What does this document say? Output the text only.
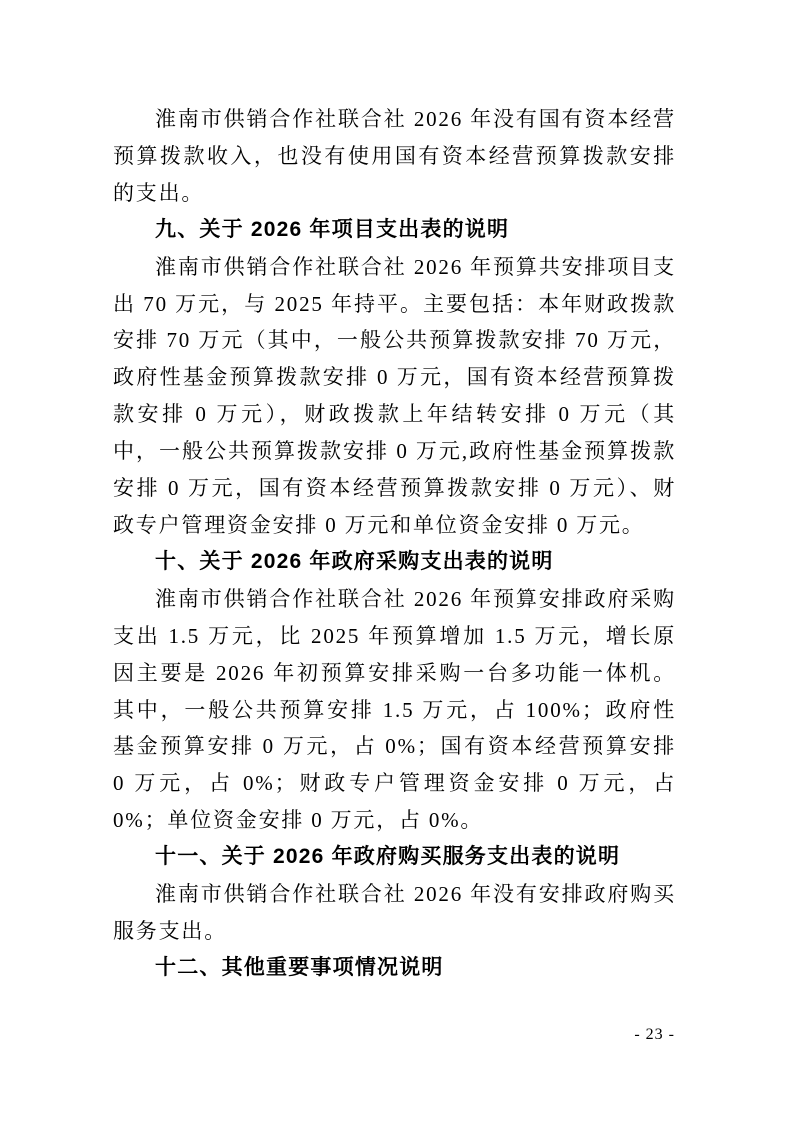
淮南市供销合作社联合社 2026 年没有国有资本经营预算拨款收入，也没有使用国有资本经营预算拨款安排的支出。

九、关于 2026 年项目支出表的说明

淮南市供销合作社联合社 2026 年预算共安排项目支出 70 万元，与 2025 年持平。主要包括：本年财政拨款安排 70 万元（其中，一般公共预算拨款安排 70 万元，政府性基金预算拨款安排 0 万元，国有资本经营预算拨款安排 0 万元），财政拨款上年结转安排 0 万元（其中，一般公共预算拨款安排 0 万元,政府性基金预算拨款安排 0 万元，国有资本经营预算拨款安排 0 万元）、财政专户管理资金安排 0 万元和单位资金安排 0 万元。

十、关于 2026 年政府采购支出表的说明

淮南市供销合作社联合社 2026 年预算安排政府采购支出 1.5 万元，比 2025 年预算增加 1.5 万元，增长原因主要是 2026 年初预算安排采购一台多功能一体机。其中，一般公共预算安排 1.5 万元，占 100%；政府性基金预算安排 0 万元，占 0%；国有资本经营预算安排 0 万元，占 0%；财政专户管理资金安排 0 万元，占 0%；单位资金安排 0 万元，占 0%。

十一、关于 2026 年政府购买服务支出表的说明

淮南市供销合作社联合社 2026 年没有安排政府购买服务支出。

十二、其他重要事项情况说明

- 23 -
